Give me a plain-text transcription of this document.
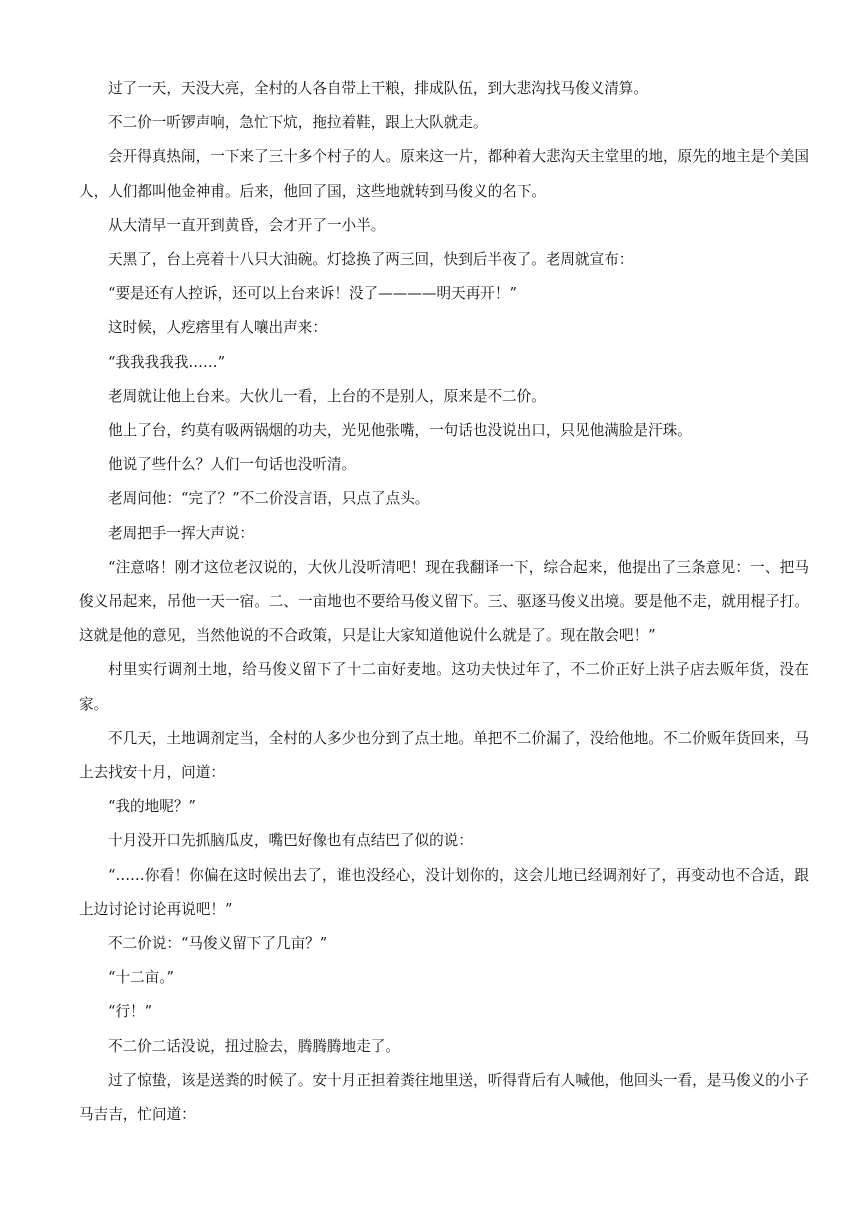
过了一天，天没大亮，全村的人各自带上干粮，排成队伍，到大悲沟找马俊义清算。

不二价一听锣声响，急忙下炕，拖拉着鞋，跟上大队就走。

会开得真热闹，一下来了三十多个村子的人。原来这一片，都种着大悲沟天主堂里的地，原先的地主是个美国人，人们都叫他金神甫。后来，他回了国，这些地就转到马俊义的名下。

从大清早一直开到黄昏，会才开了一小半。

天黑了，台上亮着十八只大油碗。灯捻换了两三回，快到后半夜了。老周就宣布：

“要是还有人控诉，还可以上台来诉！没了————明天再开！”

这时候，人疙瘩里有人嚷出声来：

“我我我我我……”

老周就让他上台来。大伙儿一看，上台的不是别人，原来是不二价。

他上了台，约莫有吸两锅烟的功夫，光见他张嘴，一句话也没说出口，只见他满脸是汗珠。

他说了些什么？人们一句话也没听清。

老周问他：“完了？”不二价没言语，只点了点头。

老周把手一挥大声说：

“注意咯！刚才这位老汉说的，大伙儿没听清吧！现在我翻译一下，综合起来，他提出了三条意见：一、把马俊义吊起来，吊他一天一宿。二、一亩地也不要给马俊义留下。三、驱逐马俊义出境。要是他不走，就用棍子打。这就是他的意见，当然他说的不合政策，只是让大家知道他说什么就是了。现在散会吧！”

村里实行调剂土地，给马俊义留下了十二亩好麦地。这功夫快过年了，不二价正好上洪子店去贩年货，没在家。

不几天，土地调剂定当，全村的人多少也分到了点土地。单把不二价漏了，没给他地。不二价贩年货回来，马上去找安十月，问道：

“我的地呢？”

十月没开口先抓脑瓜皮，嘴巴好像也有点结巴了似的说：

“……你看！你偏在这时候出去了，谁也没经心，没计划你的，这会儿地已经调剂好了，再变动也不合适，跟上边讨论讨论再说吧！”

不二价说：“马俊义留下了几亩？”

“十二亩。”

“行！”

不二价二话没说，扭过脸去，腾腾腾地走了。

过了惊蛰，该是送粪的时候了。安十月正担着粪往地里送，听得背后有人喊他，他回头一看，是马俊义的小子马吉吉，忙问道：
